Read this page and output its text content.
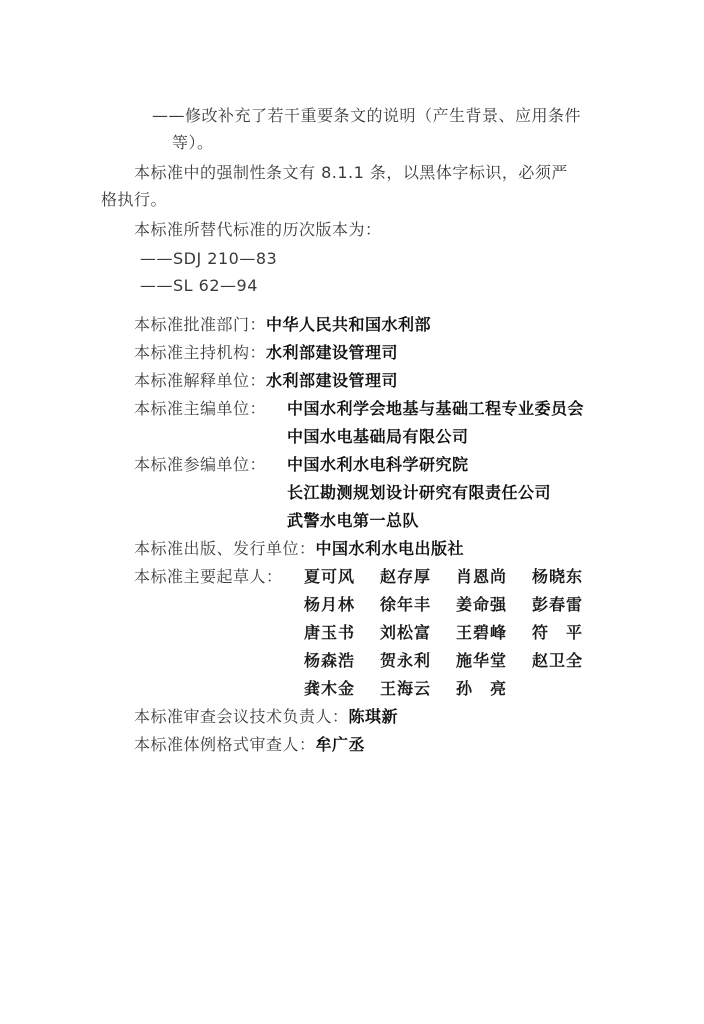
——修改补充了若干重要条文的说明（产生背景、应用条件
等）。
本标准中的强制性条文有 8.1.1 条，以黑体字标识，必须严
格执行。
本标准所替代标准的历次版本为：
——SDJ 210—83
——SL 62—94
本标准批准部门：中华人民共和国水利部
本标准主持机构：水利部建设管理司
本标准解释单位：水利部建设管理司
本标准主编单位： 中国水利学会地基与基础工程专业委员会
中国水电基础局有限公司
本标准参编单位： 中国水利水电科学研究院
长江勘测规划设计研究有限责任公司
武警水电第一总队
本标准出版、发行单位：中国水利水电出版社
本标准主要起草人： 夏可风 赵存厚 肖恩尚 杨晓东
杨月林 徐年丰 姜命强 彭春雷
唐玉书 刘松富 王碧峰 符　平
杨森浩 贺永利 施华堂 赵卫全
龚木金 王海云 孙　亮
本标准审查会议技术负责人：陈琪新
本标准体例格式审查人：牟广丞
